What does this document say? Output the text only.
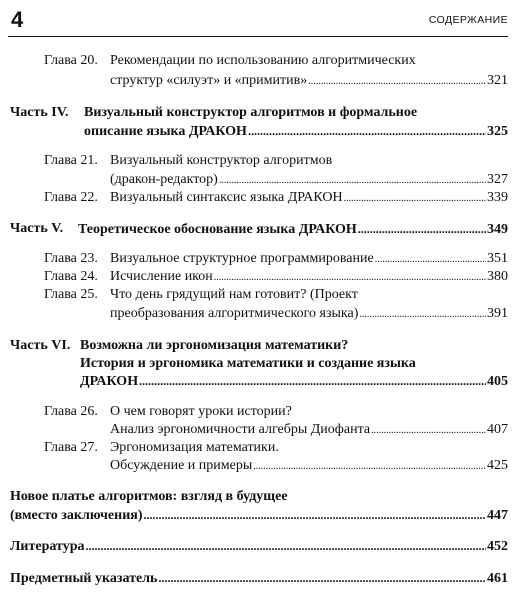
4	СОДЕРЖАНИЕ
Глава 20. Рекомендации по использованию алгоритмических
структур «силуэт» и «примитив» .....	321
Часть IV. Визуальный конструктор алгоритмов и формальное
описание языка ДРАКОН .....	325
Глава 21. Визуальный конструктор алгоритмов
(дракон-редактор) .....	327
Глава 22. Визуальный синтаксис языка ДРАКОН .....	339
Часть V. Теоретическое обоснование языка ДРАКОН .....	349
Глава 23. Визуальное структурное программирование .....	351
Глава 24. Исчисление икон .....	380
Глава 25. Что день грядущий нам готовит? (Проект
преобразования алгоритмического языка) .....	391
Часть VI. Возможна ли эргономизация математики?
История и эргономика математики и создание языка
ДРАКОН .....	405
Глава 26. О чем говорят уроки истории?
Анализ эргономичности алгебры Диофанта .....	407
Глава 27. Эргономизация математики.
Обсуждение и примеры .....	425
Новое платье алгоритмов: взгляд в будущее
(вместо заключения) .....	447
Литература .....	452
Предметный указатель .....	461
